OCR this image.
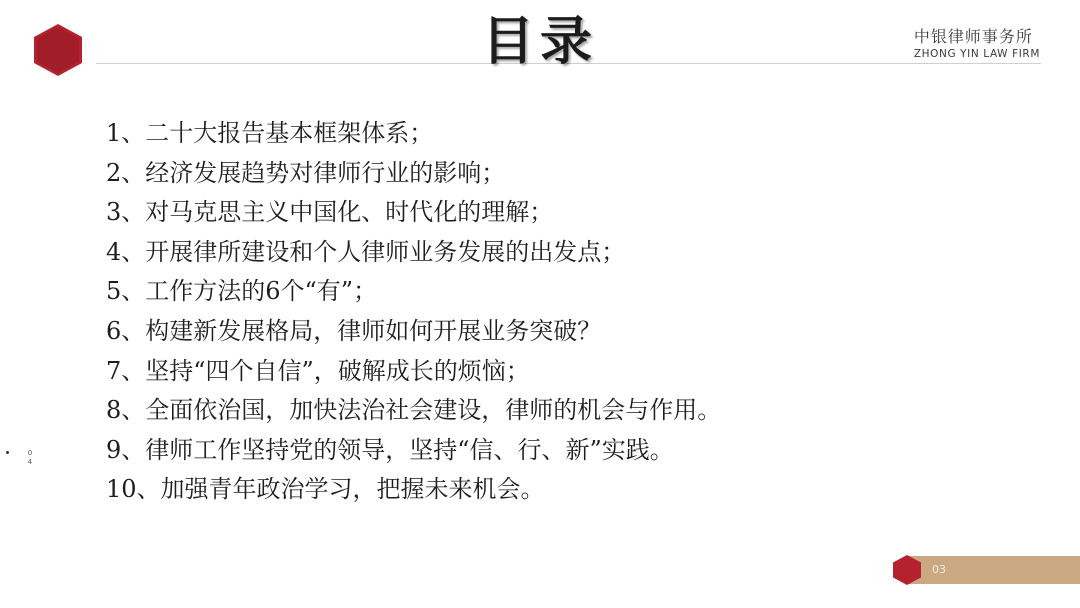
目录	中银律师事务所
ZHONG YIN LAW FIRM
1、二十大报告基本框架体系；
2、经济发展趋势对律师行业的影响；
3、对马克思主义中国化、时代化的理解；
4、开展律所建设和个人律师业务发展的出发点；
5、工作方法的6个“有”；
6、构建新发展格局，律师如何开展业务突破？
7、坚持“四个自信”，破解成长的烦恼；
8、全面依治国，加快法治社会建设，律师的机会与作用。
9、律师工作坚持党的领导，坚持“信、行、新”实践。
10、加强青年政治学习，把握未来机会。
0
4
03
